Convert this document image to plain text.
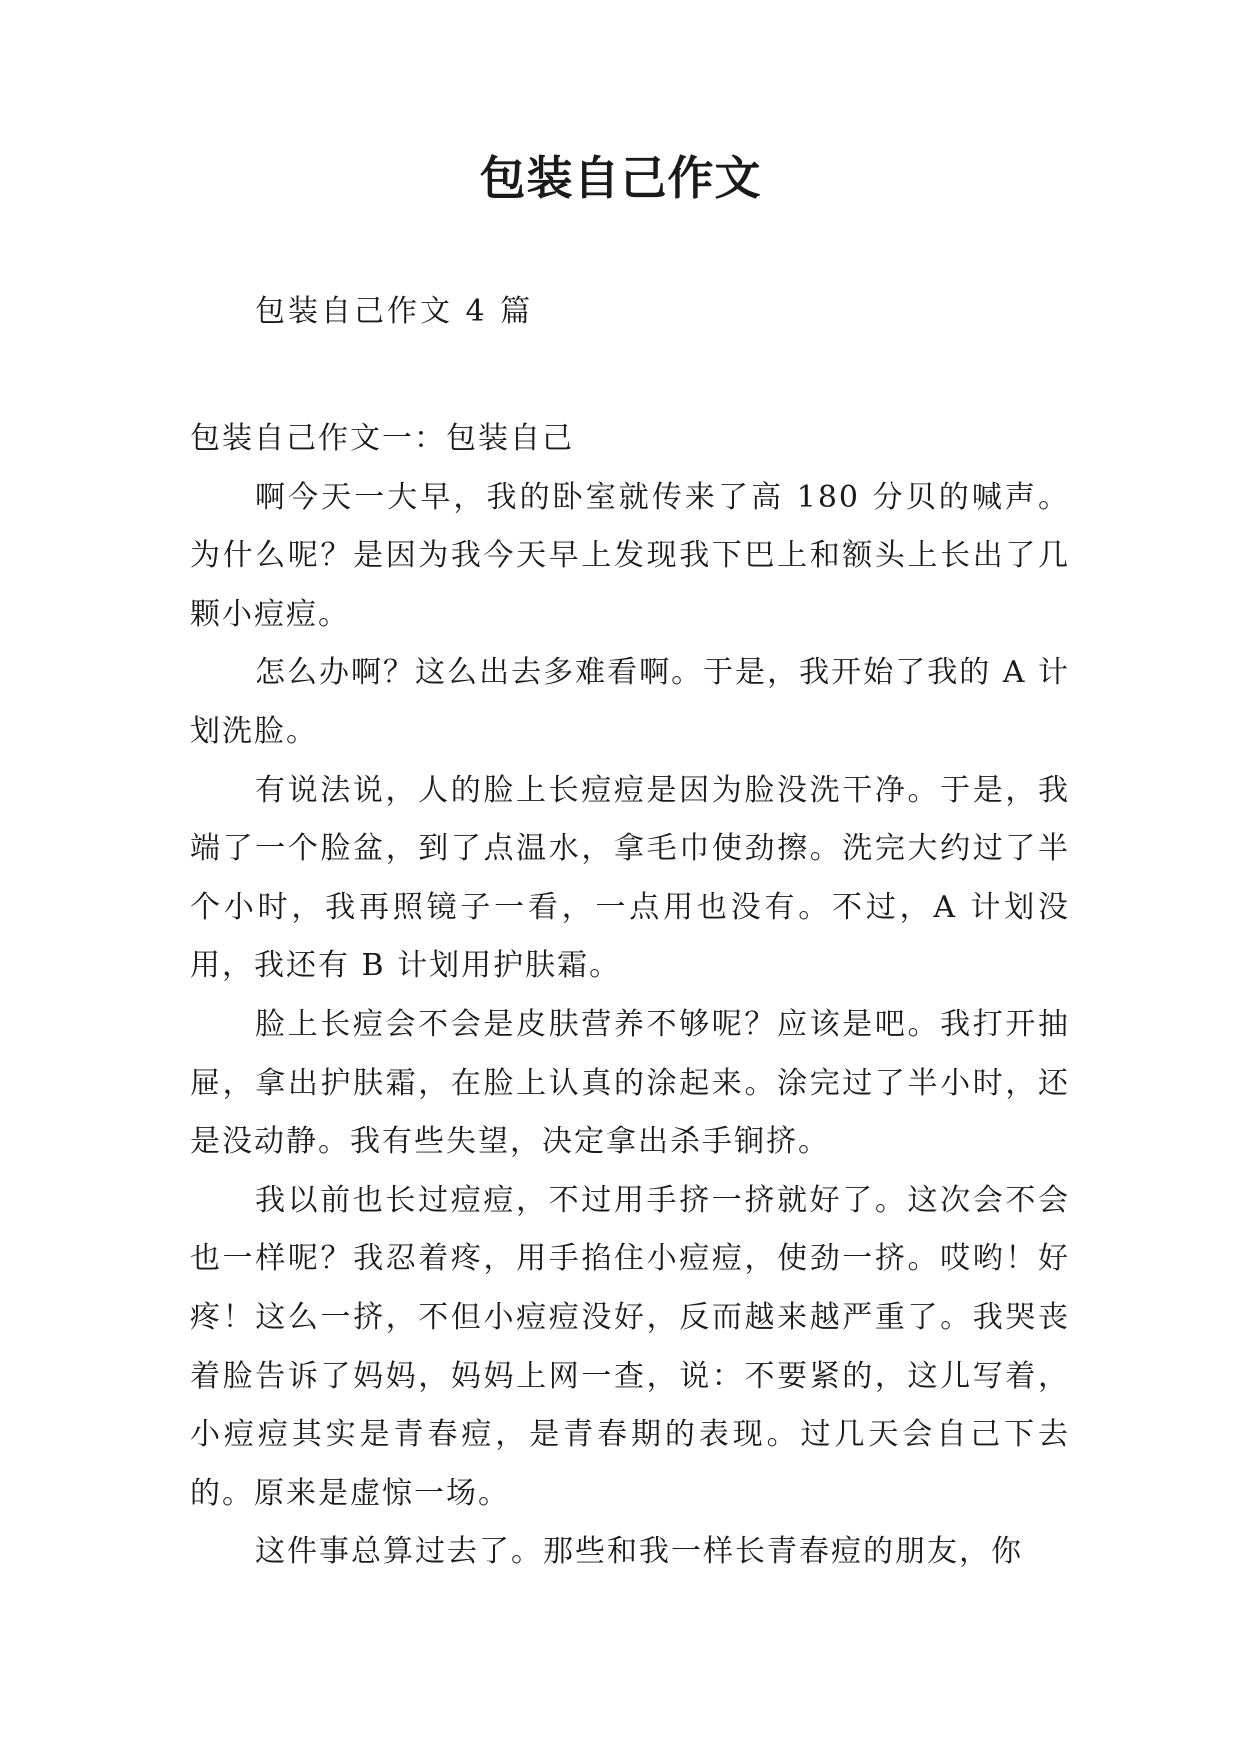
包装自己作文
包装自己作文 4 篇

包装自己作文一：包装自己

啊今天一大早，我的卧室就传来了高 180 分贝的喊声。为什么呢？是因为我今天早上发现我下巴上和额头上长出了几颗小痘痘。

怎么办啊？这么出去多难看啊。于是，我开始了我的 A 计划洗脸。

有说法说，人的脸上长痘痘是因为脸没洗干净。于是，我端了一个脸盆，到了点温水，拿毛巾使劲擦。洗完大约过了半个小时，我再照镜子一看，一点用也没有。不过，A 计划没用，我还有 B 计划用护肤霜。

脸上长痘会不会是皮肤营养不够呢？应该是吧。我打开抽屉，拿出护肤霜，在脸上认真的涂起来。涂完过了半小时，还是没动静。我有些失望，决定拿出杀手锏挤。

我以前也长过痘痘，不过用手挤一挤就好了。这次会不会也一样呢？我忍着疼，用手掐住小痘痘，使劲一挤。哎哟！好疼！这么一挤，不但小痘痘没好，反而越来越严重了。我哭丧着脸告诉了妈妈，妈妈上网一查，说：不要紧的，这儿写着，小痘痘其实是青春痘，是青春期的表现。过几天会自己下去的。原来是虚惊一场。

这件事总算过去了。那些和我一样长青春痘的朋友，你
